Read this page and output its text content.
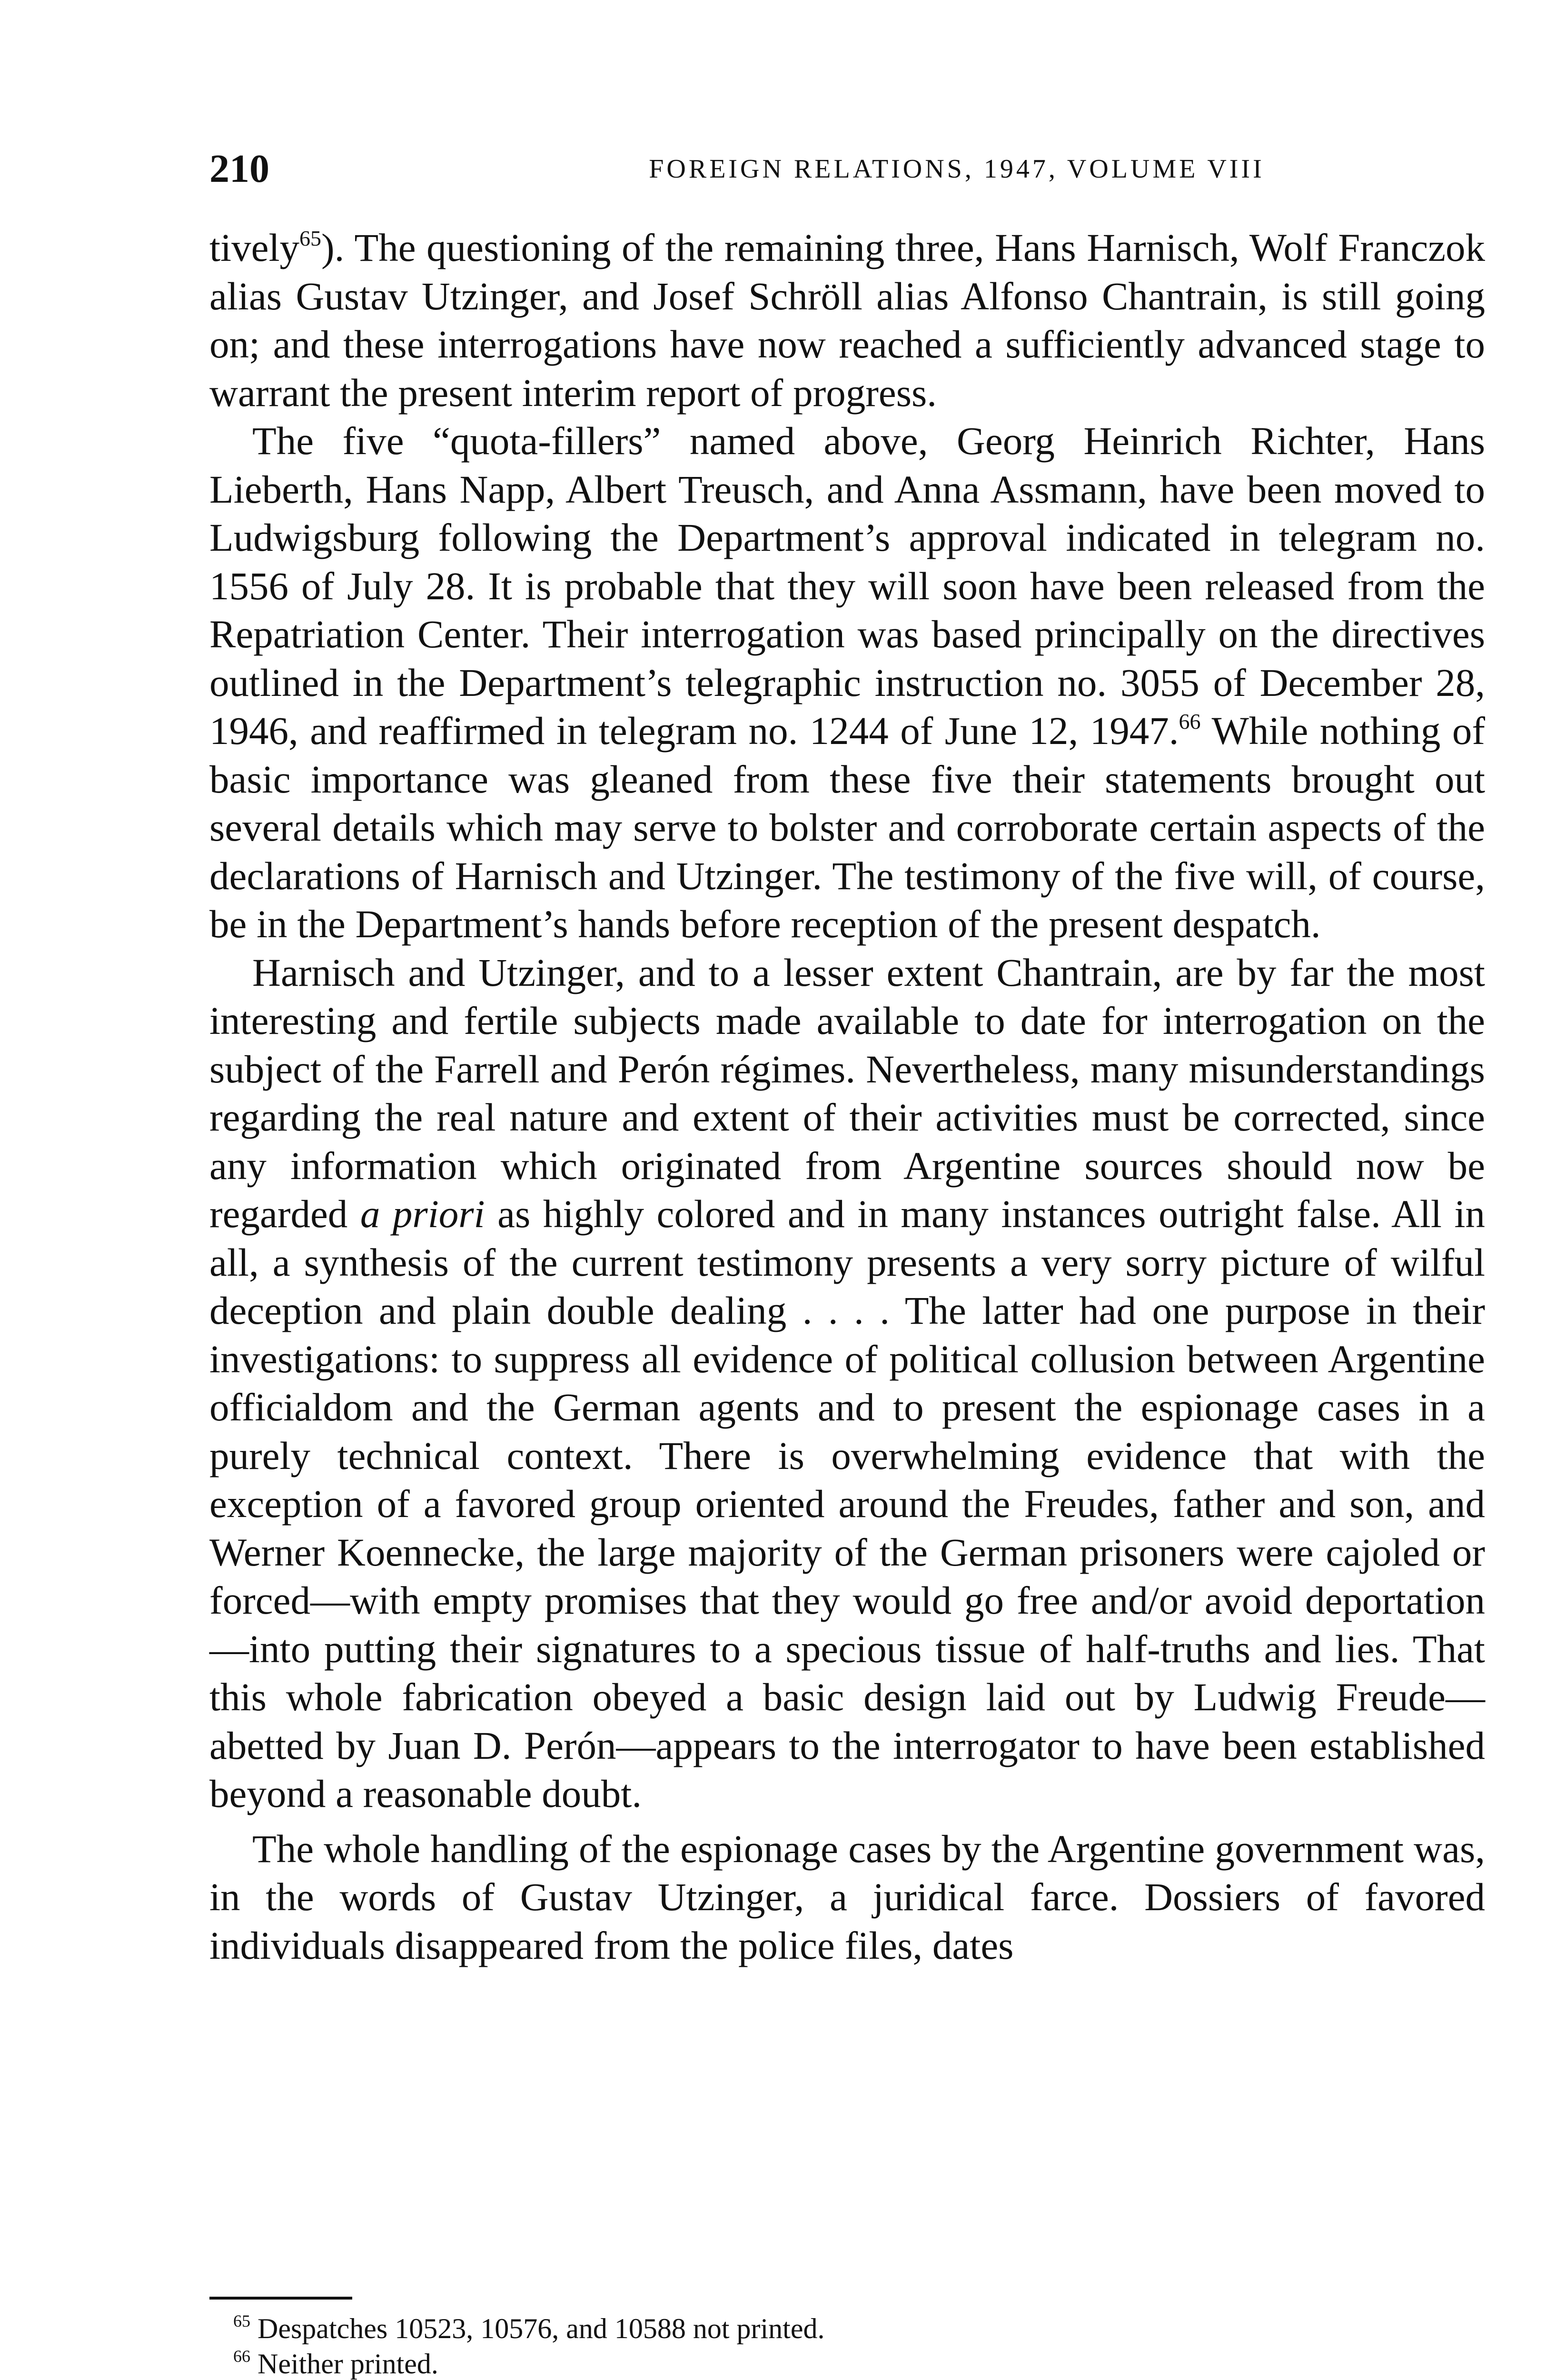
210	FOREIGN RELATIONS, 1947, VOLUME VIII

tively$^{65}$). The questioning of the remaining three, Hans Harnisch, Wolf Franczok alias Gustav Utzinger, and Josef Schröll alias Alfonso Chantrain, is still going on; and these interrogations have now reached a sufficiently advanced stage to warrant the present interim report of progress.

The five “quota-fillers” named above, Georg Heinrich Richter, Hans Lieberth, Hans Napp, Albert Treusch, and Anna Assmann, have been moved to Ludwigsburg following the Department’s approval indicated in telegram no. 1556 of July 28. It is probable that they will soon have been released from the Repatriation Center. Their interrogation was based principally on the directives outlined in the Department’s telegraphic instruction no. 3055 of December 28, 1946, and reaffirmed in telegram no. 1244 of June 12, 1947.66 While nothing of basic importance was gleaned from these five their statements brought out several details which may serve to bolster and corroborate certain aspects of the declarations of Harnisch and Utzinger. The testimony of the five will, of course, be in the Department’s hands before reception of the present despatch.

Harnisch and Utzinger, and to a lesser extent Chantrain, are by far the most interesting and fertile subjects made available to date for interrogation on the subject of the Farrell and Perón régimes. Nevertheless, many misunderstandings regarding the real nature and extent of their activities must be corrected, since any information which originated from Argentine sources should now be regarded a priori as highly colored and in many instances outright false. All in all, a synthesis of the current testimony presents a very sorry picture of wilful deception and plain double dealing . . . . The latter had one purpose in their investigations: to suppress all evidence of political collusion between Argentine officialdom and the German agents and to present the espionage cases in a purely technical context. There is overwhelming evidence that with the exception of a favored group oriented around the Freudes, father and son, and Werner Koennecke, the large majority of the German prisoners were cajoled or forced—with empty promises that they would go free and/or avoid deportation—into putting their signatures to a specious tissue of half-truths and lies. That this whole fabrication obeyed a basic design laid out by Ludwig Freude—abetted by Juan D. Perón—appears to the interrogator to have been established beyond a reasonable doubt.

The whole handling of the espionage cases by the Argentine government was, in the words of Gustav Utzinger, a juridical farce. Dossiers of favored individuals disappeared from the police files, dates

$^{65}$ Despatches 10523, 10576, and 10588 not printed.

$^{66}$ Neither printed.
